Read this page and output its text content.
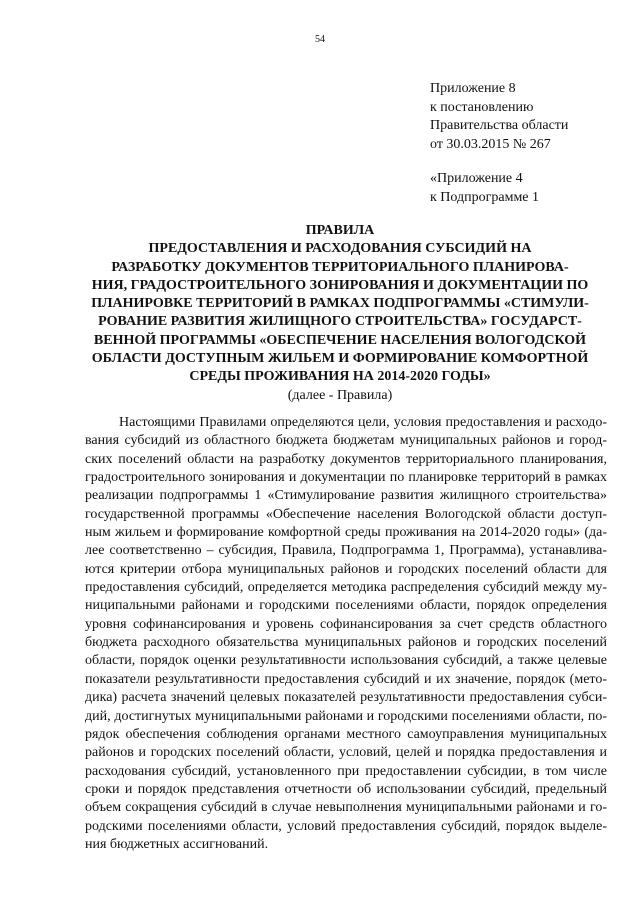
54
Приложение 8
к постановлению
Правительства области
от 30.03.2015 № 267
«Приложение 4
к Подпрограмме 1
ПРАВИЛА
ПРЕДОСТАВЛЕНИЯ И РАСХОДОВАНИЯ СУБСИДИЙ НА
РАЗРАБОТКУ ДОКУМЕНТОВ ТЕРРИТОРИАЛЬНОГО ПЛАНИРОВА-
НИЯ, ГРАДОСТРОИТЕЛЬНОГО ЗОНИРОВАНИЯ И ДОКУМЕНТАЦИИ ПО
ПЛАНИРОВКЕ ТЕРРИТОРИЙ В РАМКАХ ПОДПРОГРАММЫ «СТИМУЛИ-
РОВАНИЕ РАЗВИТИЯ ЖИЛИЩНОГО СТРОИТЕЛЬСТВА» ГОСУДАРСТ-
ВЕННОЙ ПРОГРАММЫ «ОБЕСПЕЧЕНИЕ НАСЕЛЕНИЯ ВОЛОГОДСКОЙ
ОБЛАСТИ ДОСТУПНЫМ ЖИЛЬЕМ И ФОРМИРОВАНИЕ КОМФОРТНОЙ
СРЕДЫ ПРОЖИВАНИЯ НА 2014-2020 ГОДЫ»
(далее - Правила)
Настоящими Правилами определяются цели, условия предоставления и расходо-
вания субсидий из областного бюджета бюджетам муниципальных районов и город-
ских поселений области на разработку документов территориального планирования,
градостроительного зонирования и документации по планировке территорий в рамках
реализации подпрограммы 1 «Стимулирование развития жилищного строительства»
государственной программы «Обеспечение населения Вологодской области доступ-
ным жильем и формирование комфортной среды проживания на 2014-2020 годы» (да-
лее соответственно – субсидия, Правила, Подпрограмма 1, Программа), устанавлива-
ются критерии отбора муниципальных районов и городских поселений области для
предоставления субсидий, определяется методика распределения субсидий между му-
ниципальными районами и городскими поселениями области, порядок определения
уровня софинансирования и уровень софинансирования за счет средств областного
бюджета расходного обязательства муниципальных районов и городских поселений
области, порядок оценки результативности использования субсидий, а также целевые
показатели результативности предоставления субсидий и их значение, порядок (мето-
дика) расчета значений целевых показателей результативности предоставления субси-
дий, достигнутых муниципальными районами и городскими поселениями области, по-
рядок обеспечения соблюдения органами местного самоуправления муниципальных
районов и городских поселений области, условий, целей и порядка предоставления и
расходования субсидий, установленного при предоставлении субсидии, в том числе
сроки и порядок представления отчетности об использовании субсидий, предельный
объем сокращения субсидий в случае невыполнения муниципальными районами и го-
родскими поселениями области, условий предоставления субсидий, порядок выделе-
ния бюджетных ассигнований.
